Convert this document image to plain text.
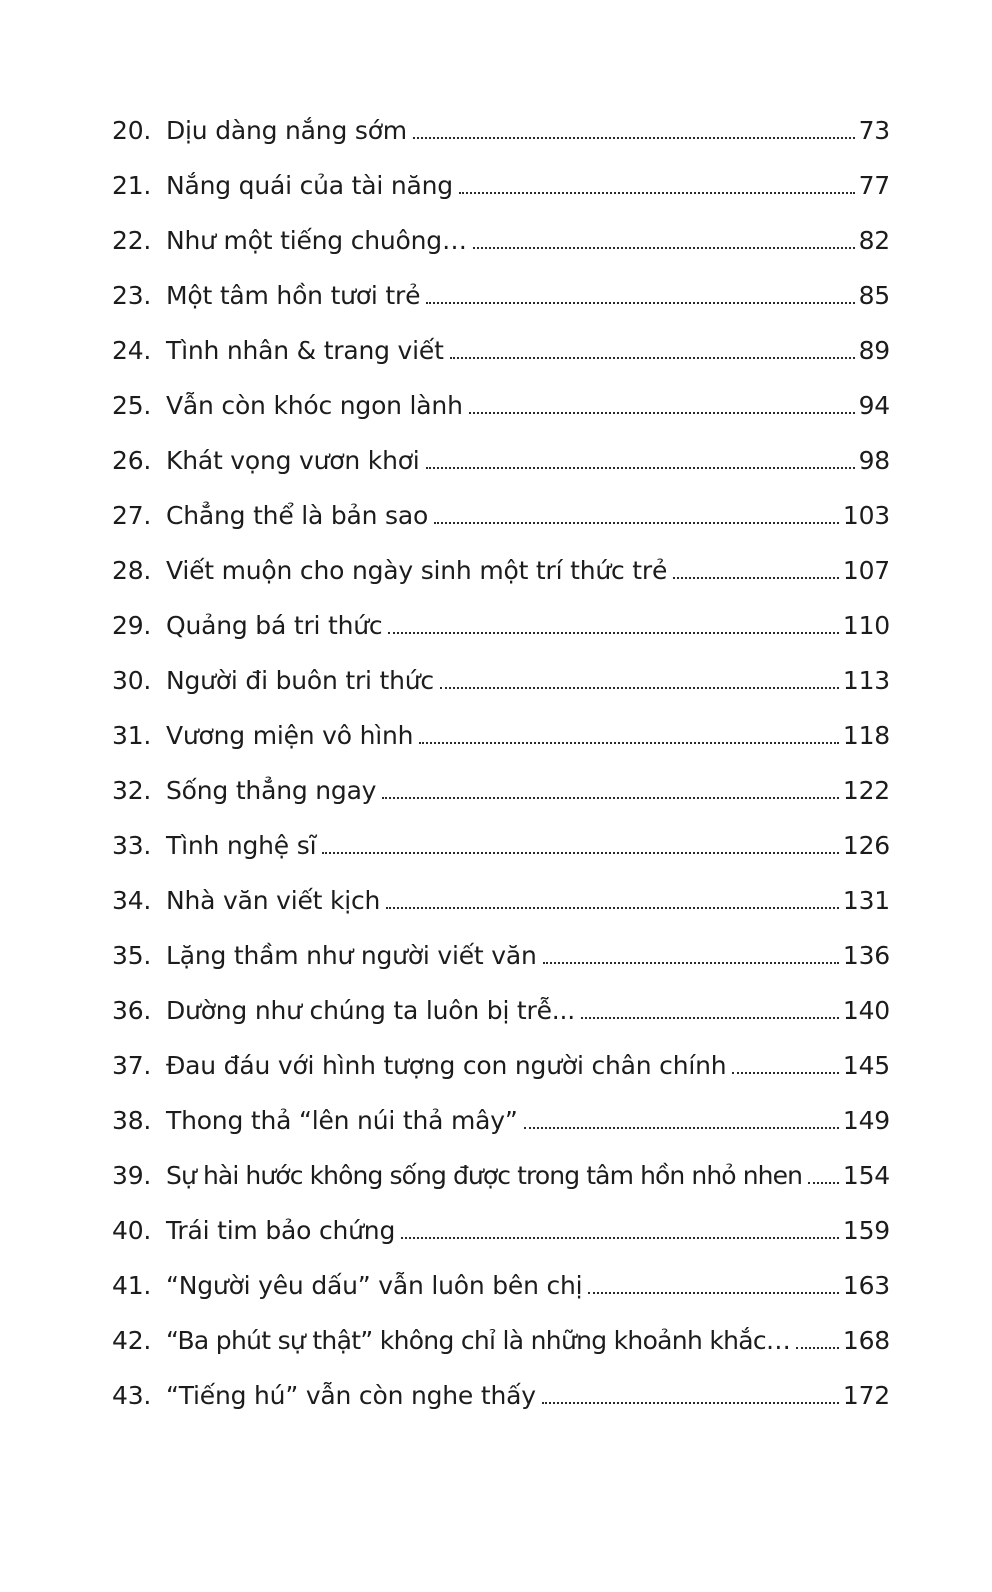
20. Dịu dàng nắng sớm	73
21. Nắng quái của tài năng	77
22. Như một tiếng chuông…	82
23. Một tâm hồn tươi trẻ	85
24. Tình nhân & trang viết	89
25. Vẫn còn khóc ngon lành	94
26. Khát vọng vươn khơi	98
27. Chẳng thể là bản sao	103
28. Viết muộn cho ngày sinh một trí thức trẻ	107
29. Quảng bá tri thức	110
30. Người đi buôn tri thức	113
31. Vương miện vô hình	118
32. Sống thẳng ngay	122
33. Tình nghệ sĩ	126
34. Nhà văn viết kịch	131
35. Lặng thầm như người viết văn	136
36. Dường như chúng ta luôn bị trễ...	140
37. Đau đáu với hình tượng con người chân chính	145
38. Thong thả “lên núi thả mây”	149
39. Sự hài hước không sống được trong tâm hồn nhỏ nhen 154
40. Trái tim bảo chứng	159
41. “Người yêu dấu” vẫn luôn bên chị	163
42. “Ba phút sự thật” không chỉ là những khoảnh khắc… 168
43. “Tiếng hú” vẫn còn nghe thấy	172
